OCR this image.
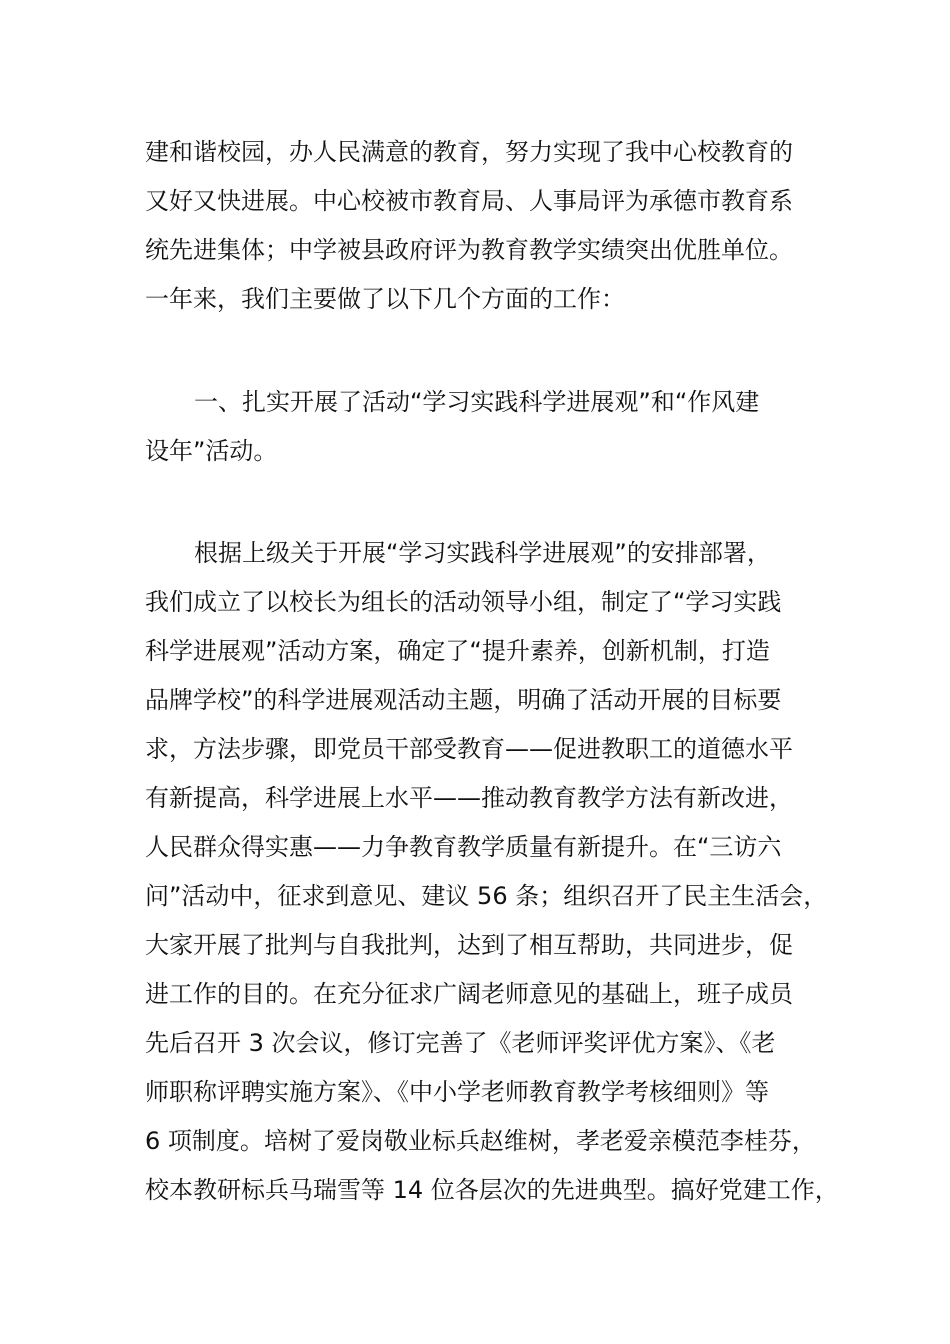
建和谐校园，办人民满意的教育，努力实现了我中心校教育的
又好又快进展。中心校被市教育局、人事局评为承德市教育系
统先进集体；中学被县政府评为教育教学实绩突出优胜单位。
一年来，我们主要做了以下几个方面的工作：
一、扎实开展了活动“学习实践科学进展观”和“作风建
设年”活动。
根据上级关于开展“学习实践科学进展观”的安排部署，
我们成立了以校长为组长的活动领导小组，制定了“学习实践
科学进展观”活动方案，确定了“提升素养，创新机制，打造
品牌学校”的科学进展观活动主题，明确了活动开展的目标要
求，方法步骤，即党员干部受教育——促进教职工的道德水平
有新提高，科学进展上水平——推动教育教学方法有新改进，
人民群众得实惠——力争教育教学质量有新提升。在“三访六
问”活动中，征求到意见、建议 56 条；组织召开了民主生活会，
大家开展了批判与自我批判，达到了相互帮助，共同进步，促
进工作的目的。在充分征求广阔老师意见的基础上，班子成员
先后召开 3 次会议，修订完善了《老师评奖评优方案》、《老
师职称评聘实施方案》、《中小学老师教育教学考核细则》等
6 项制度。培树了爱岗敬业标兵赵维树，孝老爱亲模范李桂芬，
校本教研标兵马瑞雪等 14 位各层次的先进典型。搞好党建工作，
